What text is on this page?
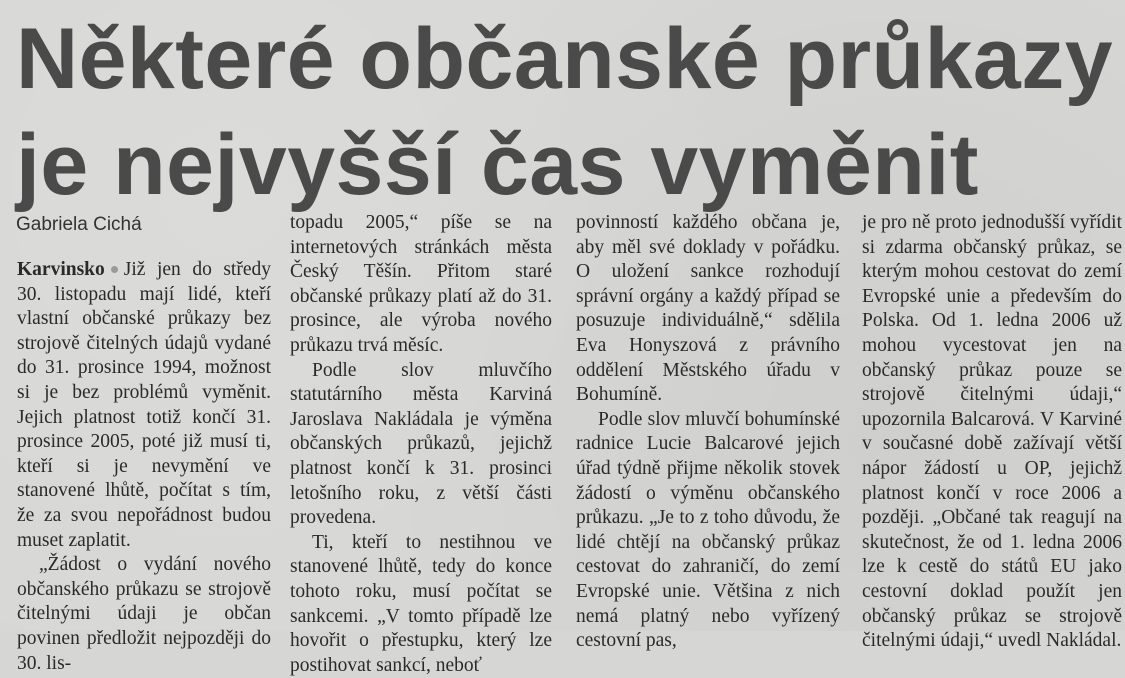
Některé občanské průkazy
je nejvyšší čas vyměnit
Gabriela Cichá

Karvinsko Již jen do středy 30. listopadu mají lidé, kteří vlastní občanské průkazy bez strojově čitelných údajů vydané do 31. prosince 1994, možnost si je bez problémů vyměnit. Jejich platnost totiž končí 31. prosince 2005, poté již musí ti, kteří si je nevymění ve stanovené lhůtě, počítat s tím, že za svou nepořádnost budou muset zaplatit.

„Žádost o vydání nového občanského průkazu se strojově čitelnými údaji je občan povinen předložit nejpozději do 30. lis-

topadu 2005,“ píše se na internetových stránkách města Český Těšín. Přitom staré občanské průkazy platí až do 31. prosince, ale výroba nového průkazu trvá měsíc.

Podle slov mluvčího statutárního města Karviná Jaroslava Nakládala je výměna občanských průkazů, jejichž platnost končí k 31. prosinci letošního roku, z větší části provedena.

Ti, kteří to nestihnou ve stanovené lhůtě, tedy do konce tohoto roku, musí počítat se sankcemi. „V tomto případě lze hovořit o přestupku, který lze postihovat sankcí, neboť

povinností každého občana je, aby měl své doklady v pořádku. O uložení sankce rozhodují správní orgány a každý případ se posuzuje individuálně,“ sdělila Eva Honyszová z právního oddělení Městského úřadu v Bohumíně.

Podle slov mluvčí bohumínské radnice Lucie Balcarové jejich úřad týdně přijme několik stovek žádostí o výměnu občanského průkazu. „Je to z toho důvodu, že lidé chtějí na občanský průkaz cestovat do zahraničí, do zemí Evropské unie. Většina z nich nemá platný nebo vyřízený cestovní pas,

je pro ně proto jednodušší vyřídit si zdarma občanský průkaz, se kterým mohou cestovat do zemí Evropské unie a především do Polska. Od 1. ledna 2006 už mohou vycestovat jen na občanský průkaz pouze se strojově čitelnými údaji,“ upozornila Balcarová. V Karviné v současné době zažívají větší nápor žádostí u OP, jejichž platnost končí v roce 2006 a později. „Občané tak reagují na skutečnost, že od 1. ledna 2006 lze k cestě do států EU jako cestovní doklad použít jen občanský průkaz se strojově čitelnými údaji,“ uvedl Nakládal.
